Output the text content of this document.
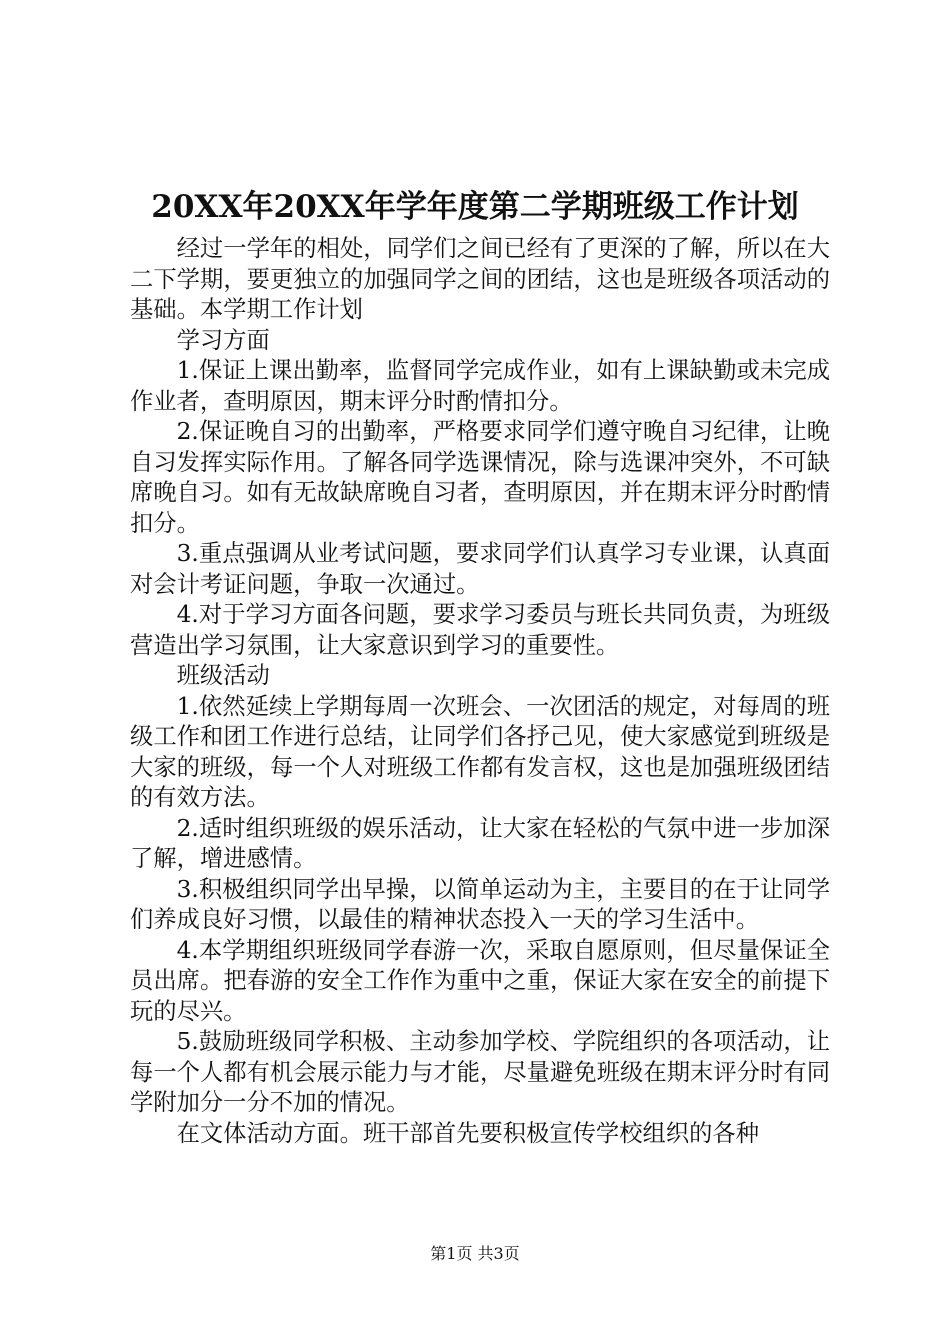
20XX年20XX年学年度第二学期班级工作计划

经过一学年的相处，同学们之间已经有了更深的了解，所以在大二下学期，要更独立的加强同学之间的团结，这也是班级各项活动的基础。本学期工作计划

学习方面

1.保证上课出勤率，监督同学完成作业，如有上课缺勤或未完成作业者，查明原因，期末评分时酌情扣分。

2.保证晚自习的出勤率，严格要求同学们遵守晚自习纪律，让晚自习发挥实际作用。了解各同学选课情况，除与选课冲突外，不可缺席晚自习。如有无故缺席晚自习者，查明原因，并在期末评分时酌情扣分。

3.重点强调从业考试问题，要求同学们认真学习专业课，认真面对会计考证问题，争取一次通过。

4.对于学习方面各问题，要求学习委员与班长共同负责，为班级营造出学习氛围，让大家意识到学习的重要性。

班级活动

1.依然延续上学期每周一次班会、一次团活的规定，对每周的班级工作和团工作进行总结，让同学们各抒己见，使大家感觉到班级是大家的班级，每一个人对班级工作都有发言权，这也是加强班级团结的有效方法。

2.适时组织班级的娱乐活动，让大家在轻松的气氛中进一步加深了解，增进感情。

3.积极组织同学出早操，以简单运动为主，主要目的在于让同学们养成良好习惯，以最佳的精神状态投入一天的学习生活中。

4.本学期组织班级同学春游一次，采取自愿原则，但尽量保证全员出席。把春游的安全工作作为重中之重，保证大家在安全的前提下玩的尽兴。

5.鼓励班级同学积极、主动参加学校、学院组织的各项活动，让每一个人都有机会展示能力与才能，尽量避免班级在期末评分时有同学附加分一分不加的情况。

在文体活动方面。班干部首先要积极宣传学校组织的各种

第1页 共3页
